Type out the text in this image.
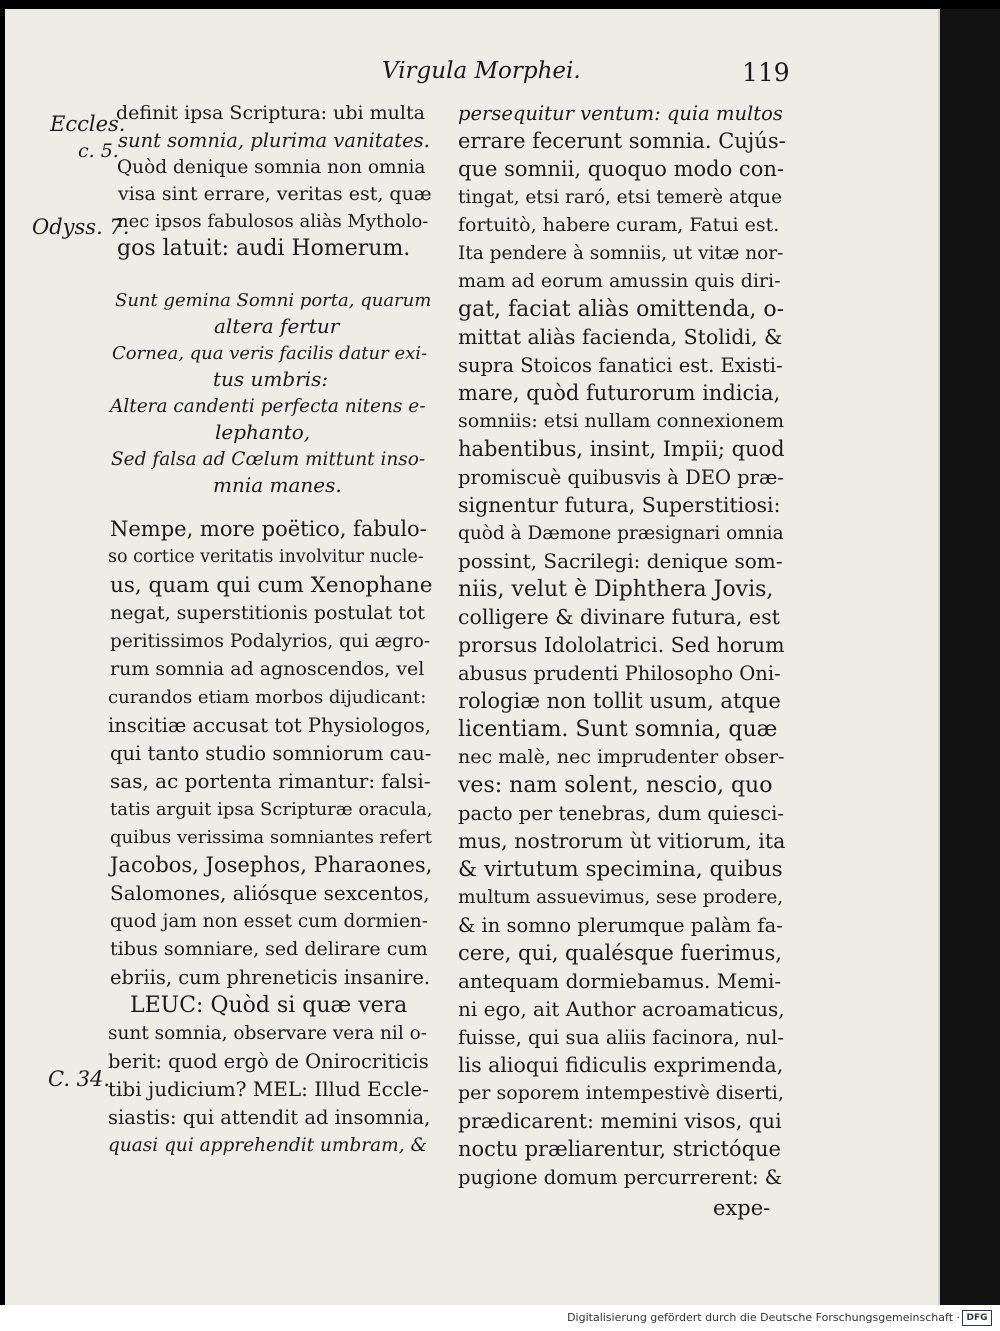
Virgula Morphei.	119
Eccles.
c. 5.
Odyss. 7.
C. 34.
definit ipsa Scriptura: ubi multa
sunt somnia, plurima vanitates.
Quòd denique somnia non omnia
visa sint errare, veritas est, quæ
nec ipsos fabulosos aliàs Mytholo-
gos latuit: audi Homerum.
Sunt gemina Somni porta, quarum
altera fertur
Cornea, qua veris facilis datur exi-
tus umbris:
Altera candenti perfecta nitens e-
lephanto,
Sed falsa ad Cœlum mittunt inso-
mnia manes.
Nempe, more poëtico, fabulo-
so cortice veritatis involvitur nucle-
us, quam qui cum Xenophane
negat, superstitionis postulat tot
peritissimos Podalyrios, qui ægro-
rum somnia ad agnoscendos, vel
curandos etiam morbos dijudicant:
inscitiæ accusat tot Physiologos,
qui tanto studio somniorum cau-
sas, ac portenta rimantur: falsi-
tatis arguit ipsa Scripturæ oracula,
quibus verissima somniantes refert
Jacobos, Josephos, Pharaones,
Salomones, aliósque sexcentos,
quod jam non esset cum dormien-
tibus somniare, sed delirare cum
ebriis, cum phreneticis insanire.
LEUC: Quòd si quæ vera
sunt somnia, observare vera nil o-
berit: quod ergò de Onirocriticis
tibi judicium? MEL: Illud Eccle-
siastis: qui attendit ad insomnia,
quasi qui apprehendit umbram, &
persequitur ventum: quia multos
errare fecerunt somnia. Cujús-
que somnii, quoquo modo con-
tingat, etsi raró, etsi temerè atque
fortuitò, habere curam, Fatui est.
Ita pendere à somniis, ut vitæ nor-
mam ad eorum amussin quis diri-
gat, faciat aliàs omittenda, o-
mittat aliàs facienda, Stolidi, &
supra Stoicos fanatici est. Existi-
mare, quòd futurorum indicia,
somniis: etsi nullam connexionem
habentibus, insint, Impii; quod
promiscuè quibusvis à DEO præ-
signentur futura, Superstitiosi:
quòd à Dæmone præsignari omnia
possint, Sacrilegi: denique som-
niis, velut è Diphthera Jovis,
colligere & divinare futura, est
prorsus Idololatrici. Sed horum
abusus prudenti Philosopho Oni-
rologiæ non tollit usum, atque
licentiam. Sunt somnia, quæ
nec malè, nec imprudenter obser-
ves: nam solent, nescio, quo
pacto per tenebras, dum quiesci-
mus, nostrorum ùt vitiorum, ita
& virtutum specimina, quibus
multum assuevimus, sese prodere,
& in somno plerumque palàm fa-
cere, qui, qualésque fuerimus,
antequam dormiebamus. Memi-
ni ego, ait Author acroamaticus,
fuisse, qui sua aliis facinora, nul-
lis alioqui fidiculis exprimenda,
per soporem intempestivè diserti,
prædicarent: memini visos, qui
noctu præliarentur, strictóque
pugione domum percurrerent: &
expe-
Digitalisierung gefördert durch die Deutsche Forschungsgemeinschaft · DFG
